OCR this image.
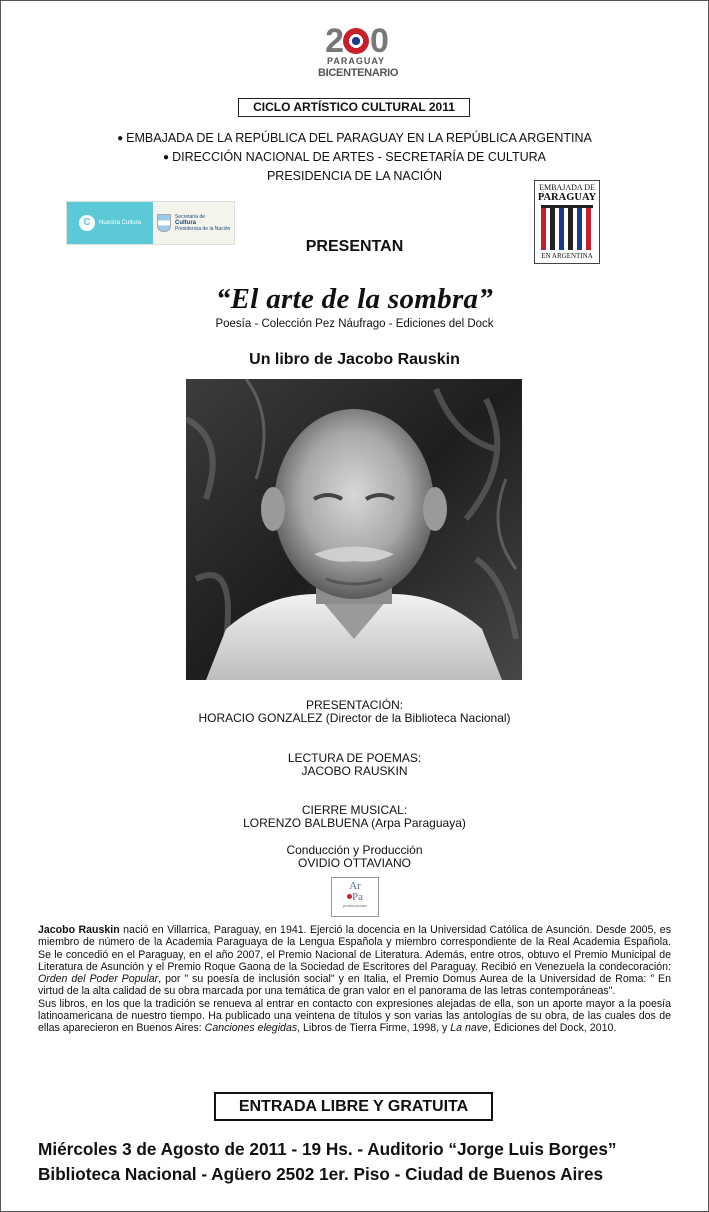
2 0
PARAGUAY
BICENTENARIO
CICLO ARTÍSTICO CULTURAL 2011
● EMBAJADA DE LA REPÚBLICA DEL PARAGUAY EN LA REPÚBLICA ARGENTINA
● DIRECCIÓN NACIONAL DE ARTES - SECRETARÍA DE CULTURA
PRESIDENCIA DE LA NACIÓN
C	Nuestra Cultura
Secretaría de
Cultura
Presidencia de la Nación
EMBAJADA DE
PARAGUAY
EN ARGENTINA
PRESENTAN
“El arte de la sombra”
Poesía - Colección Pez Náufrago - Ediciones del Dock
Un libro de Jacobo Rauskin
PRESENTACIÓN:
HORACIO GONZALEZ (Director de la Biblioteca Nacional)
LECTURA DE POEMAS:
JACOBO RAUSKIN
CIERRE MUSICAL:
LORENZO BALBUENA (Arpa Paraguaya)
Conducción y Producción
OVIDIO OTTAVIANO
Ar
Pa
producciones

Jacobo Rauskin nació en Villarrica, Paraguay, en 1941. Ejerció la docencia en la Universidad Católica de Asunción. Desde 2005, es miembro de número de la Academia Paraguaya de la Lengua Española y miembro correspondiente de la Real Academia Española. Se le concedió en el Paraguay, en el año 2007, el Premio Nacional de Literatura. Además, entre otros, obtuvo el Premio Municipal de Literatura de Asunción y el Premio Roque Gaona de la Sociedad de Escritores del Paraguay. Recibió en Venezuela la condecoración: Orden del Poder Popular, por " su poesía de inclusión social" y en Italia, el Premio Domus Aurea de la Universidad de Roma: " En virtud de la alta calidad de su obra marcada por una temática de gran valor en el panorama de las letras contemporáneas".

Sus libros, en los que la tradición se renueva al entrar en contacto con expresiones alejadas de ella, son un aporte mayor a la poesía latinoamericana de nuestro tiempo. Ha publicado una veintena de títulos y son varias las antologías de su obra, de las cuales dos de ellas aparecieron en Buenos Aires: Canciones elegidas, Libros de Tierra Firme, 1998, y La nave, Ediciones del Dock, 2010.

ENTRADA LIBRE Y GRATUITA
Miércoles 3 de Agosto de 2011 - 19 Hs. - Auditorio “Jorge Luis Borges”
Biblioteca Nacional - Agüero 2502 1er. Piso - Ciudad de Buenos Aires
